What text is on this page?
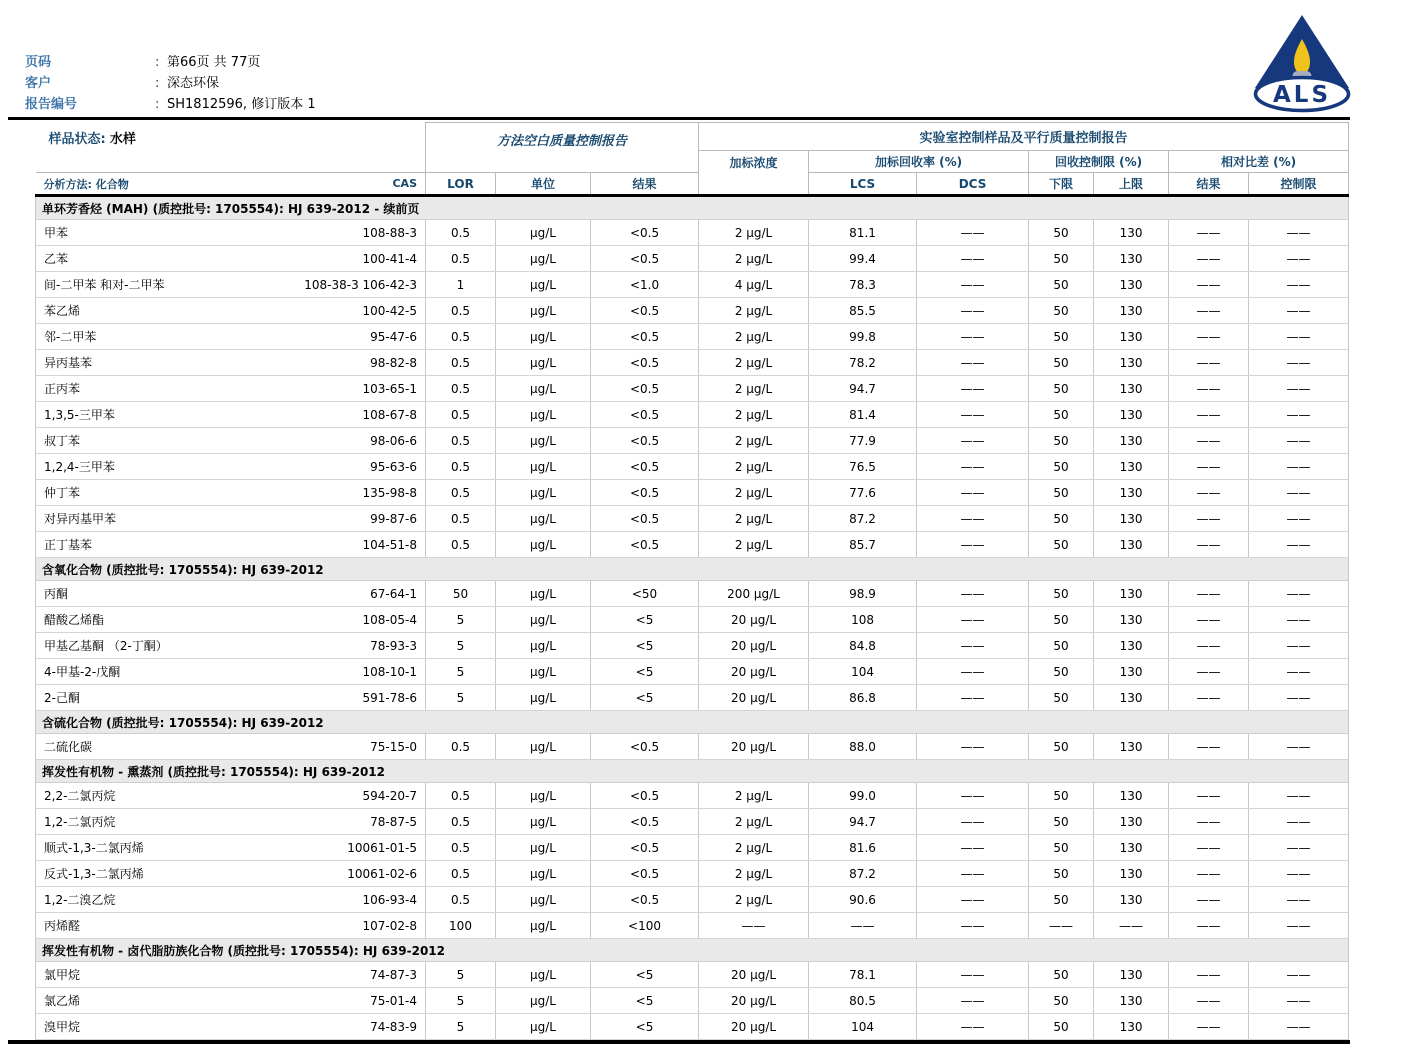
页码	: 第66页 共 77页
客户	: 深态环保
报告编号	: SH1812596, 修订版本 1	ALS
样品状态: 水样	方法空白质量控制报告			实验室控制样品及平行质量控制报告						
				加标浓度	加标回收率 (%)		回收控制限 (%)		相对比差 (%)	

分析方法: 化合物 CAS	LOR	单位	结果		LCS	DCS	下限	上限	结果	控制限
单环芳香烃 (MAH) (质控批号: 1705554): HJ 639-2012 - 续前页										

甲苯 108-88-3	0.5	μg/L	<0.5	2 μg/L	81.1	——	50	130	——	——

乙苯 100-41-4	0.5	μg/L	<0.5	2 μg/L	99.4	——	50	130	——	——

间-二甲苯 和对-二甲苯 108-38-3 106-42-3	1	μg/L	<1.0	4 μg/L	78.3	——	50	130	——	——

苯乙烯 100-42-5	0.5	μg/L	<0.5	2 μg/L	85.5	——	50	130	——	——

邻-二甲苯 95-47-6	0.5	μg/L	<0.5	2 μg/L	99.8	——	50	130	——	——

异丙基苯 98-82-8	0.5	μg/L	<0.5	2 μg/L	78.2	——	50	130	——	——

正丙苯 103-65-1	0.5	μg/L	<0.5	2 μg/L	94.7	——	50	130	——	——

1,3,5-三甲苯 108-67-8	0.5	μg/L	<0.5	2 μg/L	81.4	——	50	130	——	——

叔丁苯 98-06-6	0.5	μg/L	<0.5	2 μg/L	77.9	——	50	130	——	——

1,2,4-三甲苯 95-63-6	0.5	μg/L	<0.5	2 μg/L	76.5	——	50	130	——	——

仲丁苯 135-98-8	0.5	μg/L	<0.5	2 μg/L	77.6	——	50	130	——	——

对异丙基甲苯 99-87-6	0.5	μg/L	<0.5	2 μg/L	87.2	——	50	130	——	——

正丁基苯 104-51-8	0.5	μg/L	<0.5	2 μg/L	85.7	——	50	130	——	——
含氧化合物 (质控批号: 1705554): HJ 639-2012										

丙酮 67-64-1	50	μg/L	<50	200 μg/L	98.9	——	50	130	——	——

醋酸乙烯酯 108-05-4	5	μg/L	<5	20 μg/L	108	——	50	130	——	——

甲基乙基酮 （2-丁酮） 78-93-3	5	μg/L	<5	20 μg/L	84.8	——	50	130	——	——

4-甲基-2-戊酮 108-10-1	5	μg/L	<5	20 μg/L	104	——	50	130	——	——

2-己酮 591-78-6	5	μg/L	<5	20 μg/L	86.8	——	50	130	——	——
含硫化合物 (质控批号: 1705554): HJ 639-2012										

二硫化碳 75-15-0	0.5	μg/L	<0.5	20 μg/L	88.0	——	50	130	——	——
挥发性有机物 - 熏蒸剂 (质控批号: 1705554): HJ 639-2012										

2,2-二氯丙烷 594-20-7	0.5	μg/L	<0.5	2 μg/L	99.0	——	50	130	——	——

1,2-二氯丙烷 78-87-5	0.5	μg/L	<0.5	2 μg/L	94.7	——	50	130	——	——

顺式-1,3-二氯丙烯 10061-01-5	0.5	μg/L	<0.5	2 μg/L	81.6	——	50	130	——	——

反式-1,3-二氯丙烯 10061-02-6	0.5	μg/L	<0.5	2 μg/L	87.2	——	50	130	——	——

1,2-二溴乙烷 106-93-4	0.5	μg/L	<0.5	2 μg/L	90.6	——	50	130	——	——

丙烯醛 107-02-8	100	μg/L	<100	——	——	——	——	——	——	——
挥发性有机物 - 卤代脂肪族化合物 (质控批号: 1705554): HJ 639-2012										

氯甲烷 74-87-3	5	μg/L	<5	20 μg/L	78.1	——	50	130	——	——

氯乙烯 75-01-4	5	μg/L	<5	20 μg/L	80.5	——	50	130	——	——

溴甲烷 74-83-9	5	μg/L	<5	20 μg/L	104	——	50	130	——	——
